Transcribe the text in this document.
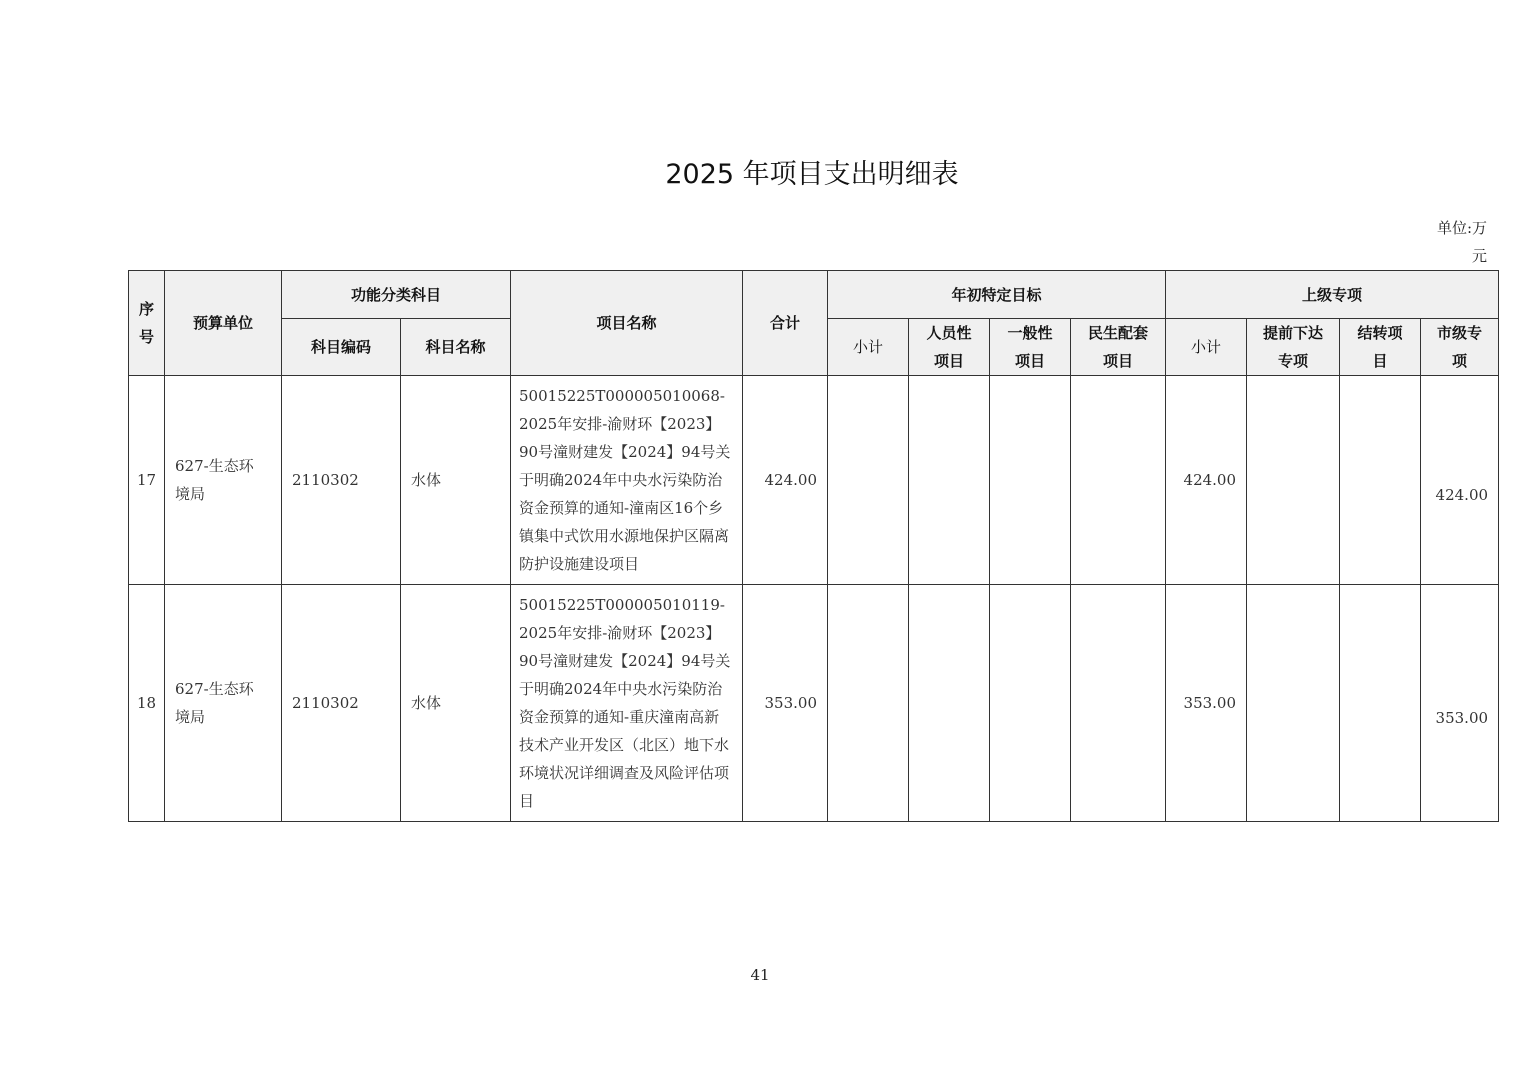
2025 年项目支出明细表
单位:万元
序号	预算单位	功能分类科目		项目名称	合计	年初特定目标				上级专项			
		科目编码	科目名称			小计	人员性项目	一般性项目	民生配套项目	小计	提前下达专项	结转项目	市级专项
17	627-生态环境局	2110302	水体	50015225T000005010068-2025年安排-渝财环【2023】90号潼财建发【2024】94号关于明确2024年中央水污染防治资金预算的通知-潼南区16个乡镇集中式饮用水源地保护区隔离防护设施建设项目	424.00					424.00			424.00
18	627-生态环境局	2110302	水体	50015225T000005010119-2025年安排-渝财环【2023】90号潼财建发【2024】94号关于明确2024年中央水污染防治资金预算的通知-重庆潼南高新技术产业开发区（北区）地下水环境状况详细调查及风险评估项目	353.00					353.00			353.00
41
